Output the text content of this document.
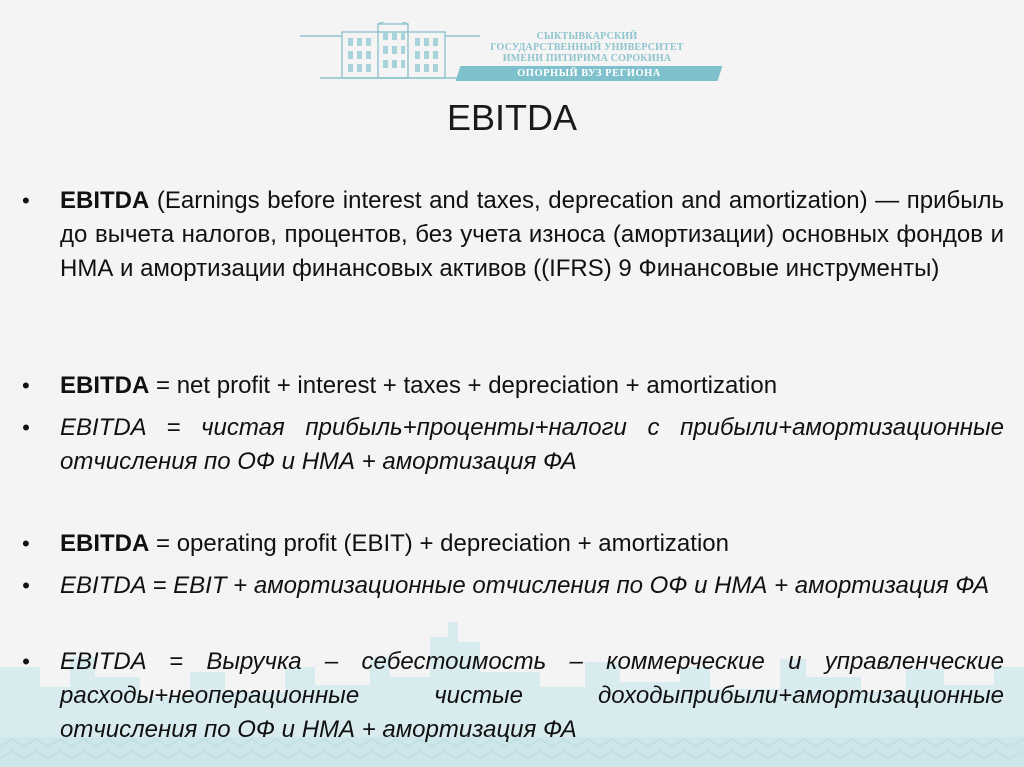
СЫКТЫВКАРСКИЙ
ГОСУДАРСТВЕННЫЙ УНИВЕРСИТЕТ
ИМЕНИ ПИТИРИМА СОРОКИНА
ОПОРНЫЙ ВУЗ РЕГИОНА
EBITDA
• EBITDA (Earnings before interest and taxes, deprecation and amortization) — прибыль до вычета налогов, процентов, без учета износа (амортизации) основных фондов и НМА и амортизации финансовых активов ((IFRS) 9 Финансовые инструменты)
• EBITDA = net profit + interest + taxes + depreciation + amortization
• EBITDA = чистая прибыль+проценты+налоги с прибыли+амортизационные отчисления по ОФ и НМА + амортизация ФА
• EBITDA = operating profit (EBIT) + depreciation + amortization
• EBITDA = EBIT + амортизационные отчисления по ОФ и НМА + амортизация ФА
• EBITDA = Выручка – себестоимость – коммерческие и управленческие расходы+неоперационные чистые доходыприбыли+амортизационные отчисления по ОФ и НМА + амортизация ФА
